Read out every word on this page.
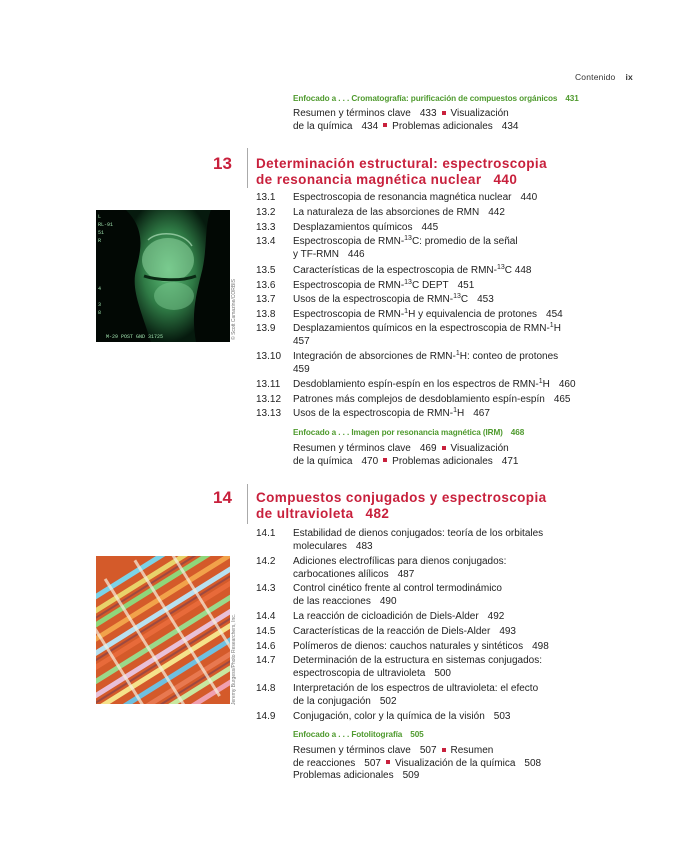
Contenido ix
Enfocado a . . . Cromatografía: purificación de compuestos orgánicos 431
Resumen y términos clave 433 Visualización
de la química 434 Problemas adicionales 434
13 Determinación estructural: espectroscopia
de resonancia magnética nuclear 440
L
RL-91
51
R
4
3
8
M-29 POST GND 31725	© Scott Camazine/CORBIS
13.1	Espectroscopia de resonancia magnética nuclear 440
13.2	La naturaleza de las absorciones de RMN 442
13.3	Desplazamientos químicos 445
13.4	Espectroscopia de RMN-$^{13}$C: promedio de la señal
y TF-RMN 446
13.5	Características de la espectroscopia de RMN-$^{13}$C 448
13.6	Espectroscopia de RMN-$^{13}$C DEPT 451
13.7	Usos de la espectroscopia de RMN-$^{13}$C 453
13.8	Espectroscopia de RMN-$^1$H y equivalencia de protones 454
13.9	Desplazamientos químicos en la espectroscopia de RMN-$^1$H
457
13.10	Integración de absorciones de RMN-$^1$H: conteo de protones
459
13.11	Desdoblamiento espín-espín en los espectros de RMN-$^1$H 460
13.12	Patrones más complejos de desdoblamiento espín-espín 465
13.13	Usos de la espectroscopia de RMN-$^1$H 467
Enfocado a . . . Imagen por resonancia magnética (IRM) 468
Resumen y términos clave 469 Visualización
de la química 470 Problemas adicionales 471
14 Compuestos conjugados y espectroscopia
de ultravioleta 482
Jeremy Burgess/Photo Researchers, Inc.
14.1	Estabilidad de dienos conjugados: teoría de los orbitales
moleculares 483
14.2	Adiciones electrofílicas para dienos conjugados:
carbocationes alílicos 487
14.3	Control cinético frente al control termodinámico
de las reacciones 490
14.4	La reacción de cicloadición de Diels-Alder 492
14.5	Características de la reacción de Diels-Alder 493
14.6	Polímeros de dienos: cauchos naturales y sintéticos 498
14.7	Determinación de la estructura en sistemas conjugados:
espectroscopia de ultravioleta 500
14.8	Interpretación de los espectros de ultravioleta: el efecto
de la conjugación 502
14.9	Conjugación, color y la química de la visión 503
Enfocado a . . . Fotolitografía 505
Resumen y términos clave 507 Resumen
de reacciones 507 Visualización de la química 508
Problemas adicionales 509
